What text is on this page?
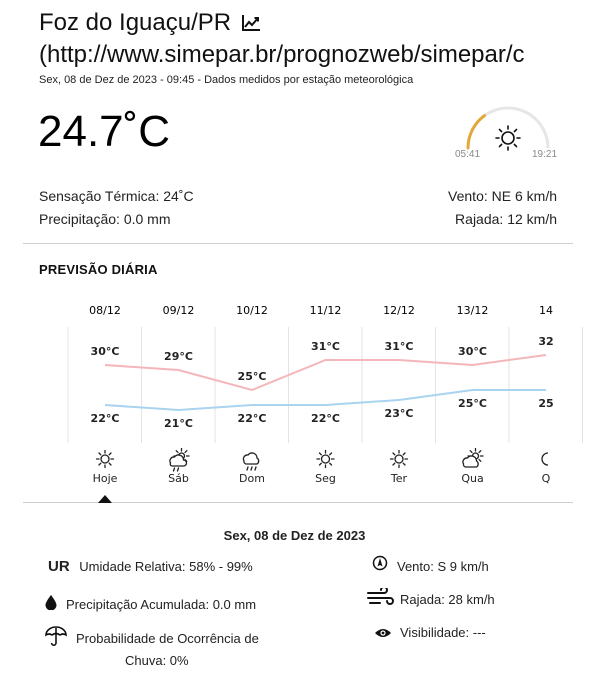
Foz do Iguaçu/PR
(http://www.simepar.br/prognozweb/simepar/c
Sex, 08 de Dez de 2023 - 09:45 - Dados medidos por estação meteorológica
24.7˚C	05:41	19:21
Sensação Térmica: 24˚C
Precipitação: 0.0 mm
Vento: NE 6 km/h
Rajada: 12 km/h
PREVISÃO DIÁRIA
08/12
30°C
22°C
Hoje
09/12
29°C
21°C
Sáb
10/12
25°C
22°C
Dom
11/12
31°C
22°C
Seg
12/12
31°C
23°C
Ter
13/12
30°C
25°C
Qua
14
32
25
Q
Sex, 08 de Dez de 2023
UR Umidade Relativa: 58% - 99%
Precipitação Acumulada: 0.0 mm
Probabilidade de Ocorrência de
Chuva: 0%
Vento: S 9 km/h
Rajada: 28 km/h
Visibilidade: ---
